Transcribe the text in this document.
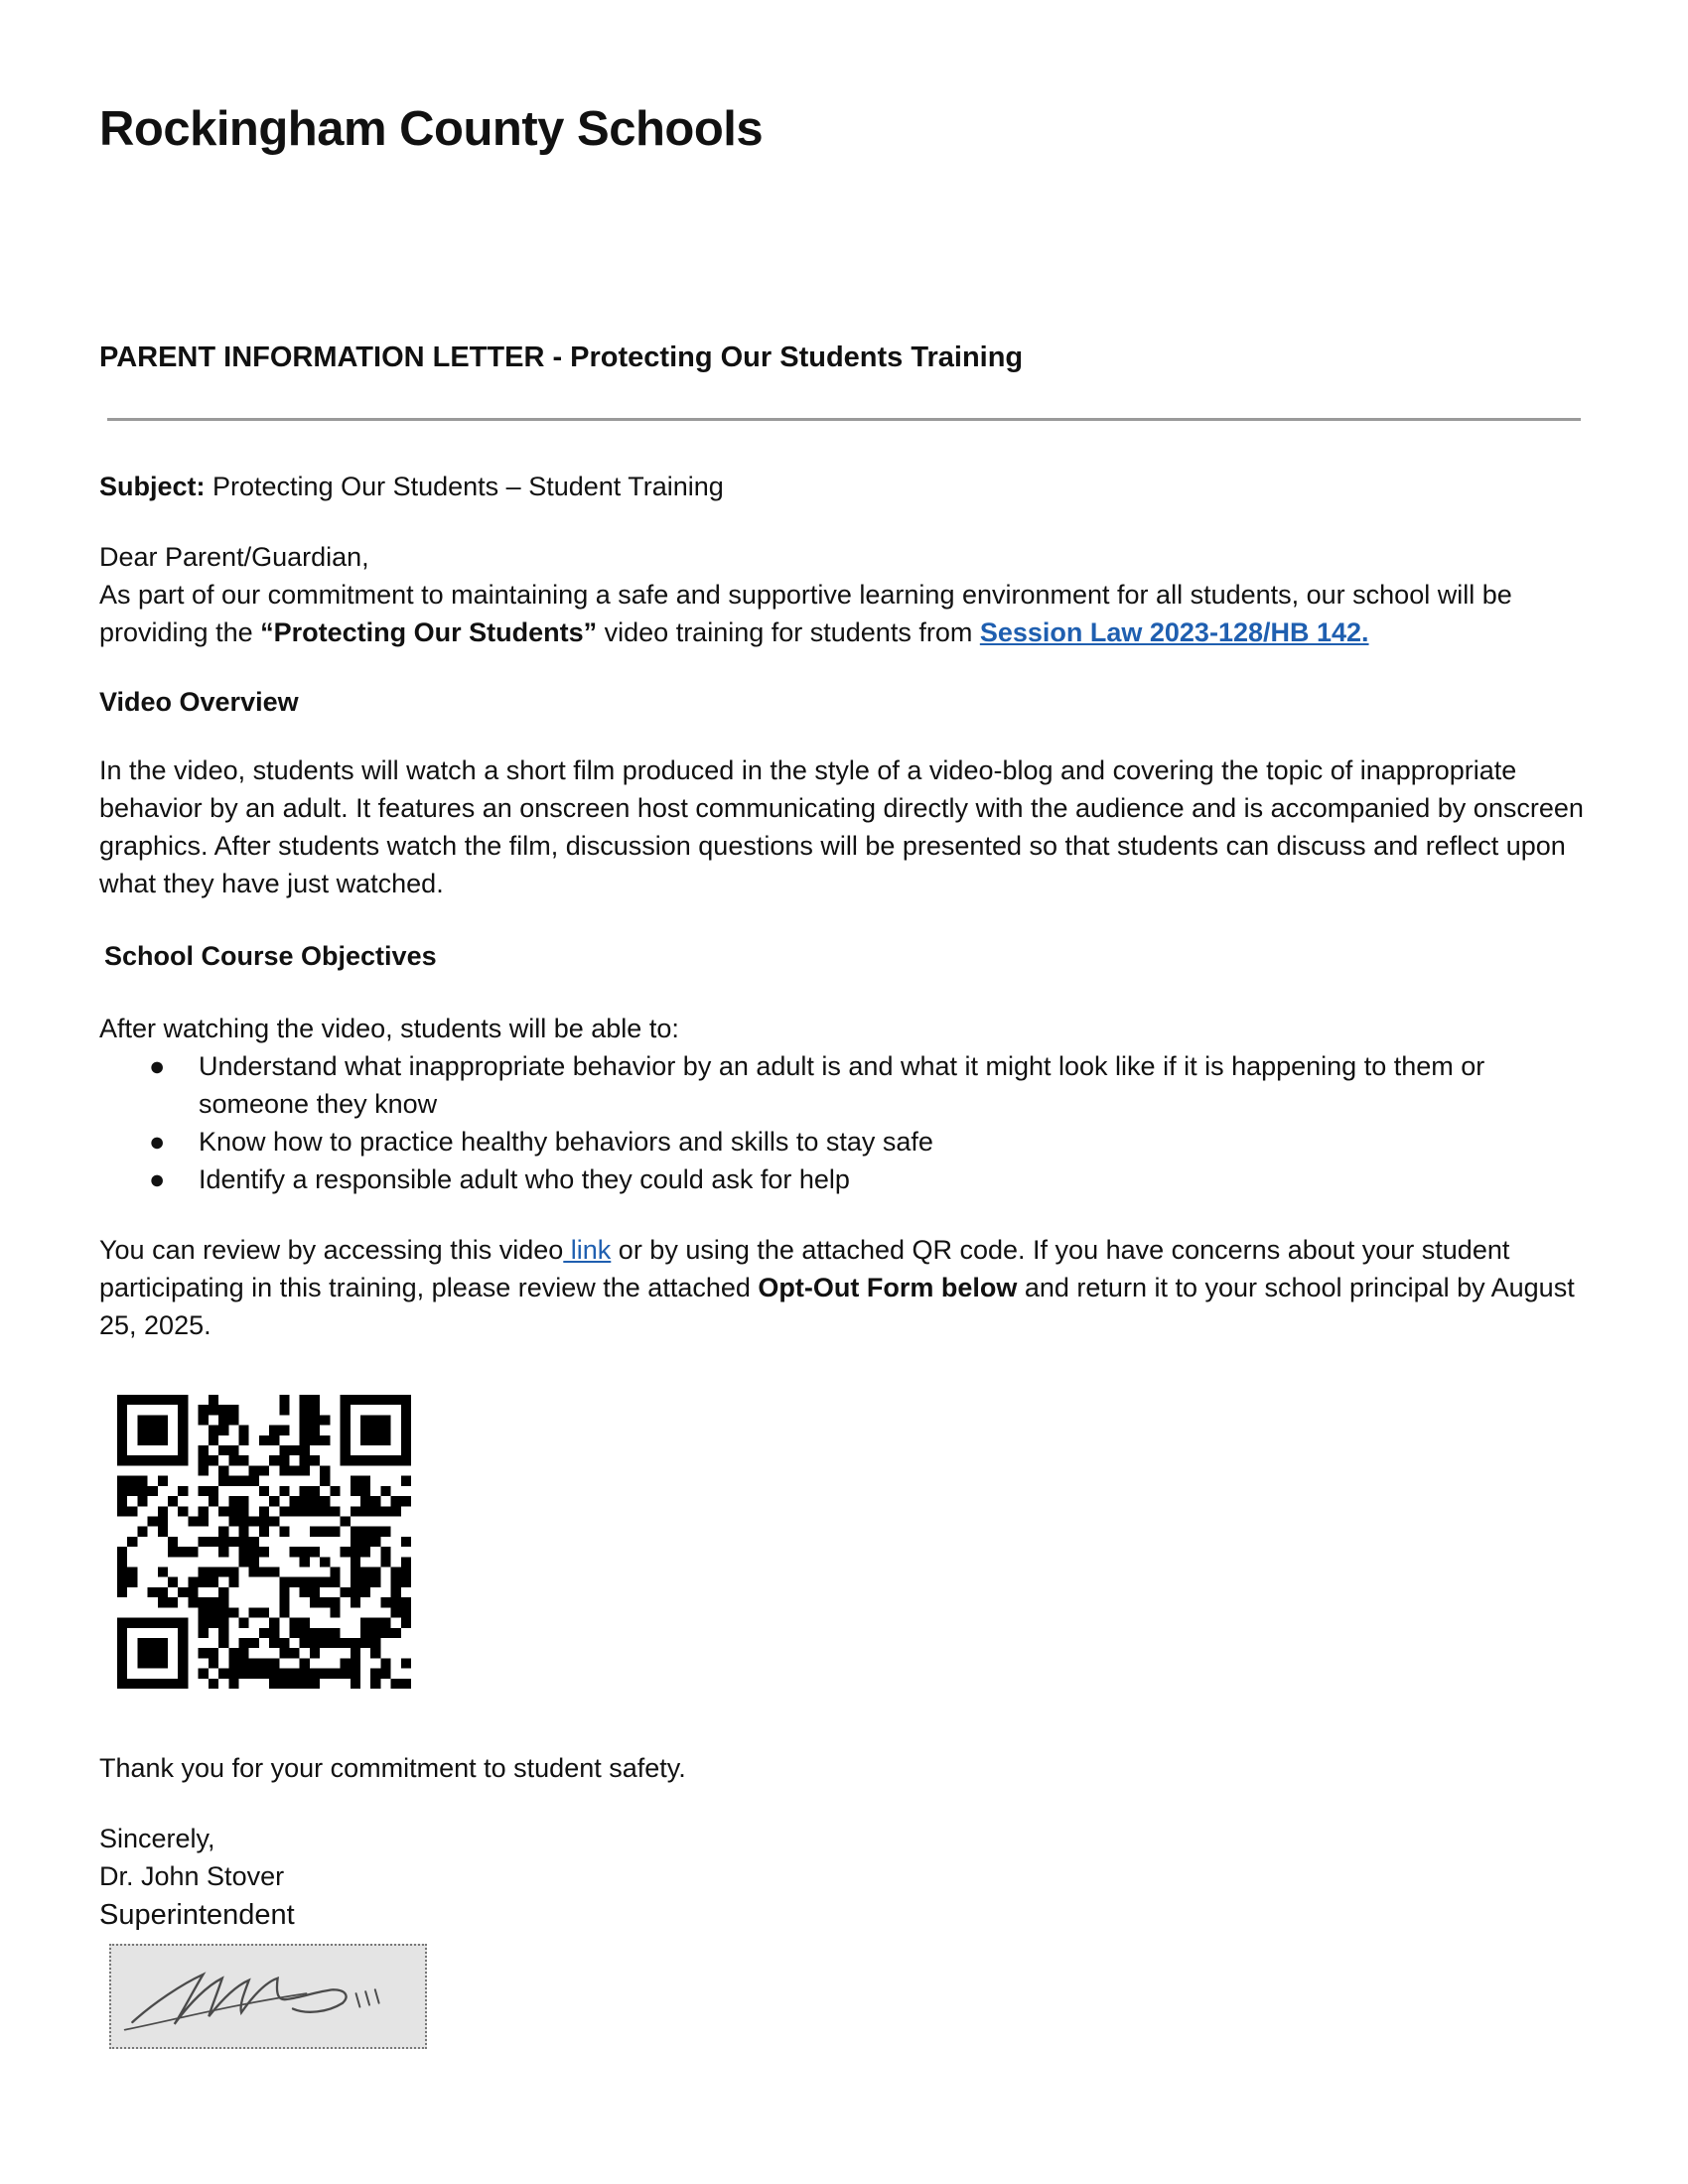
Rockingham County Schools
PARENT INFORMATION LETTER - Protecting Our Students Training

Subject: Protecting Our Students – Student Training

Dear Parent/Guardian,

As part of our commitment to maintaining a safe and supportive learning environment for all students, our school will be providing the “Protecting Our Students” video training for students from Session Law 2023-128/HB 142.

Video Overview

In the video, students will watch a short film produced in the style of a video-blog and covering the topic of inappropriate behavior by an adult. It features an onscreen host communicating directly with the audience and is accompanied by onscreen graphics. After students watch the film, discussion questions will be presented so that students can discuss and reflect upon what they have just watched.

School Course Objectives

After watching the video, students will be able to:

● Understand what inappropriate behavior by an adult is and what it might look like if it is happening to them or someone they know
● Know how to practice healthy behaviors and skills to stay safe
● Identify a responsible adult who they could ask for help

You can review by accessing this video link or by using the attached QR code. If you have concerns about your student participating in this training, please review the attached Opt-Out Form below and return it to your school principal by August 25, 2025.

Thank you for your commitment to student safety.

Sincerely,

Dr. John Stover

Superintendent
